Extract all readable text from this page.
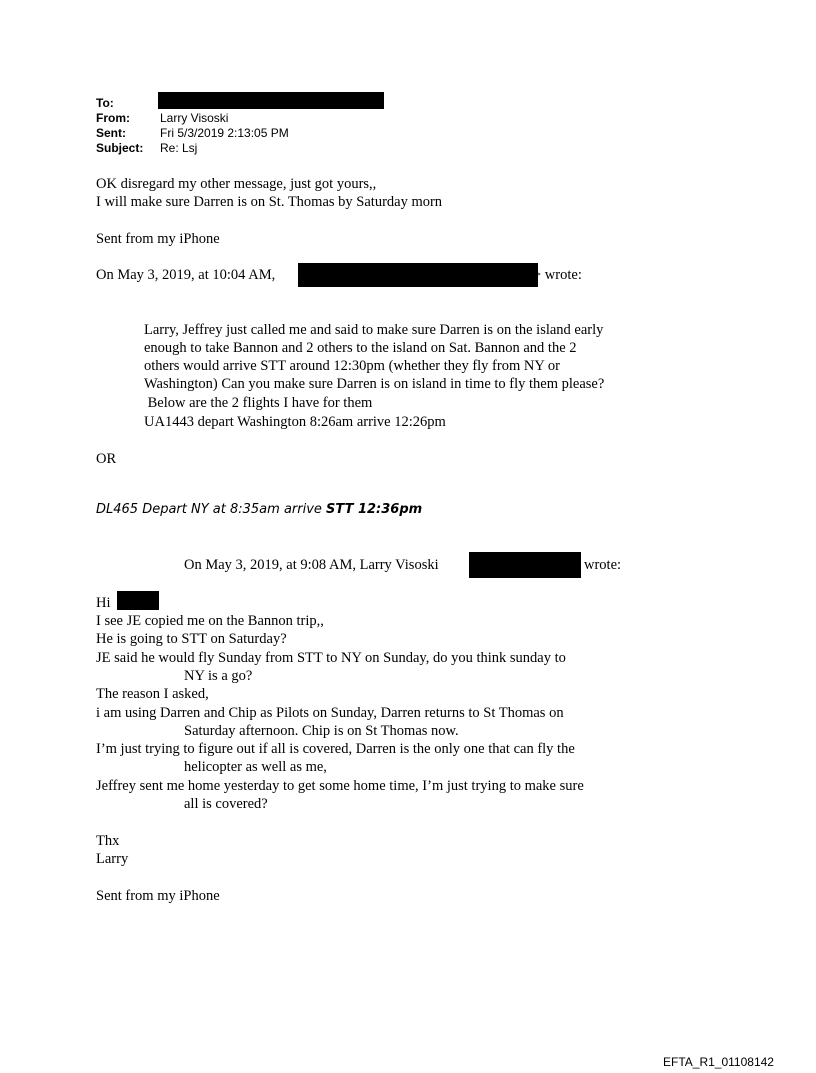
To:
From:	Larry Visoski
Sent:	Fri 5/3/2019 2:13:05 PM
Subject: Re: Lsj
OK disregard my other message, just got yours,,
I will make sure Darren is on St. Thomas by Saturday morn
Sent from my iPhone
On May 3, 2019, at 10:04 AM,	> wrote:
Larry, Jeffrey just called me and said to make sure Darren is on the island early
enough to take Bannon and 2 others to the island on Sat. Bannon and the 2
others would arrive STT around 12:30pm (whether they fly from NY or
Washington) Can you make sure Darren is on island in time to fly them please?
Below are the 2 flights I have for them
UA1443 depart Washington 8:26am arrive 12:26pm
OR
DL465 Depart NY at 8:35am arrive STT 12:36pm
On May 3, 2019, at 9:08 AM, Larry Visoski	wrote:
Hi
I see JE copied me on the Bannon trip,,
He is going to STT on Saturday?
JE said he would fly Sunday from STT to NY on Sunday, do you think sunday to
NY is a go?
The reason I asked,
i am using Darren and Chip as Pilots on Sunday, Darren returns to St Thomas on
Saturday afternoon. Chip is on St Thomas now.
I’m just trying to figure out if all is covered, Darren is the only one that can fly the
helicopter as well as me,
Jeffrey sent me home yesterday to get some home time, I’m just trying to make sure
all is covered?
Thx
Larry
Sent from my iPhone
EFTA_R1_01108142
